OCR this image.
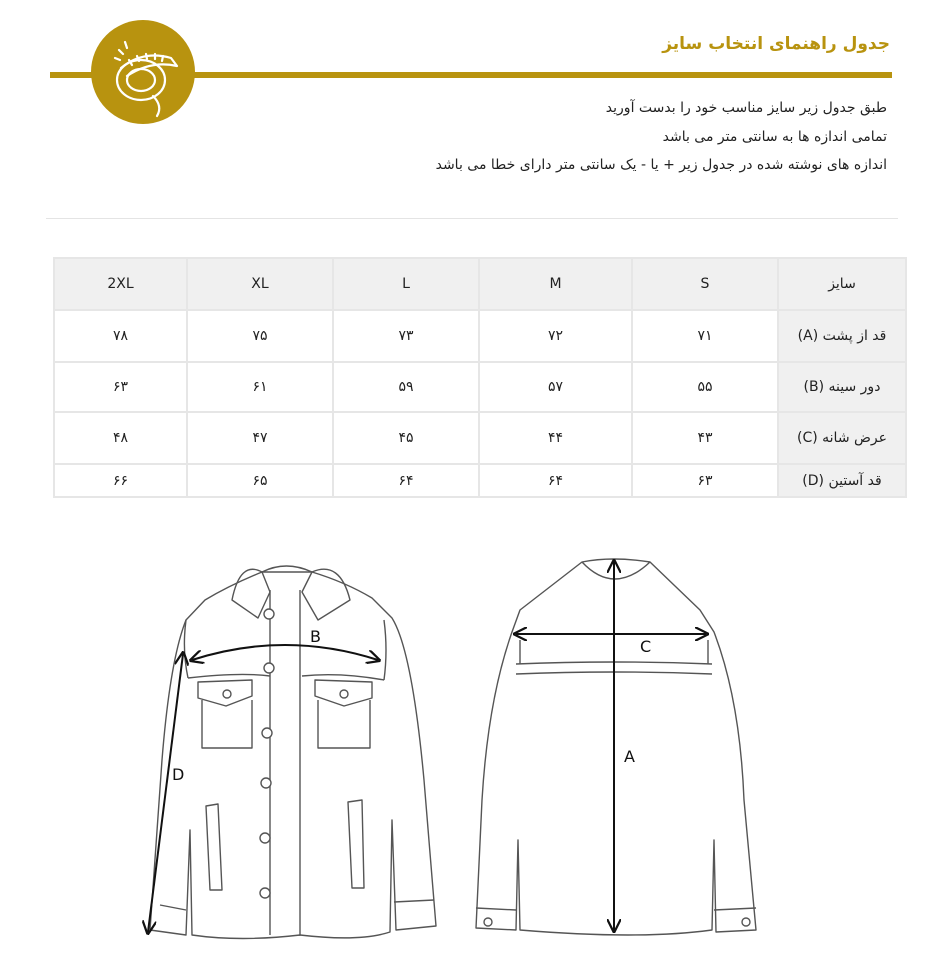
جدول راهنمای انتخاب سایز
طبق جدول زیر سایز مناسب خود را بدست آورید
تمامی اندازه ها به سانتی متر می باشد
اندازه های نوشته شده در جدول زیر + یا - یک سانتی متر دارای خطا می باشد
سایز	S	M	L	XL	2XL
قد از پشت (A)	۷۱	۷۲	۷۳	۷۵	۷۸
دور سینه (B)	۵۵	۵۷	۵۹	۶۱	۶۳
عرض شانه (C)	۴۳	۴۴	۴۵	۴۷	۴۸
قد آستین (D)	۶۳	۶۴	۶۴	۶۵	۶۶
B
D
C
A
